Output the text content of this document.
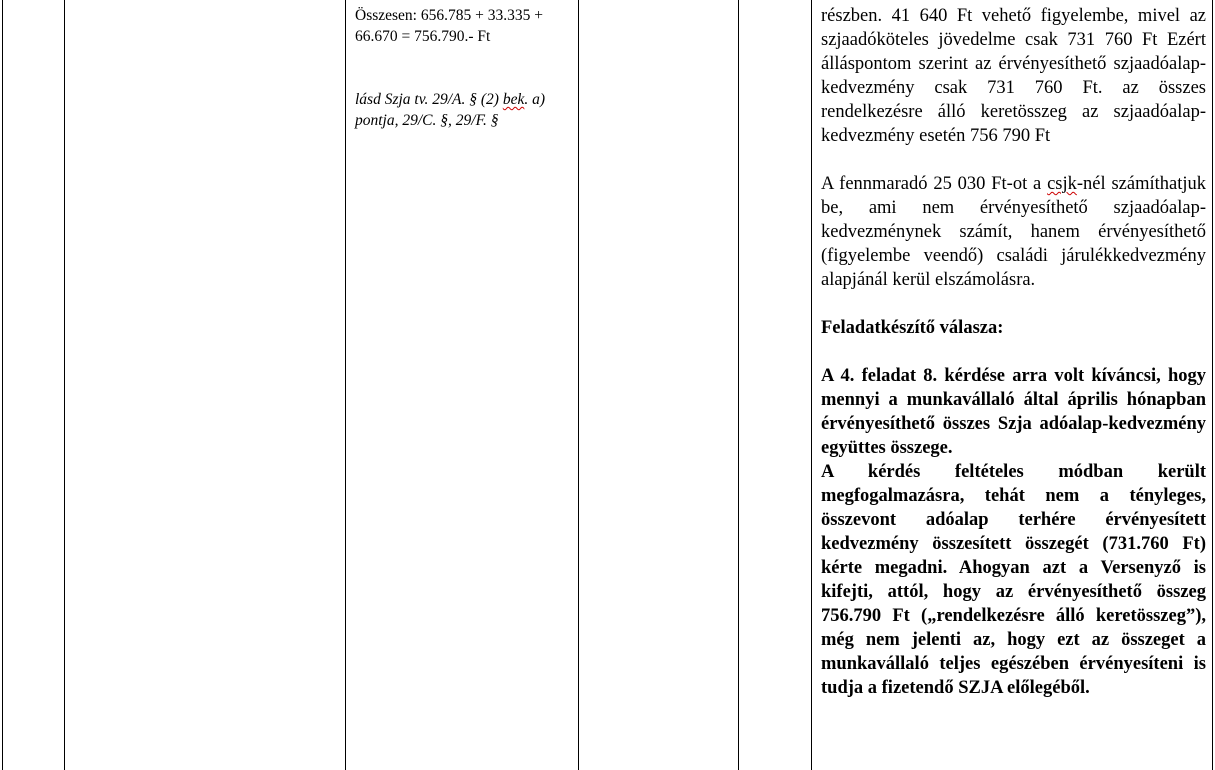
Összesen: 656.785 + 33.335 + 66.670 = 756.790.- Ft

lásd Szja tv. 29/A. § (2) bek. a) pontja, 29/C. §, 29/F. §

részben. 41 640 Ft vehető figyelembe, mivel az szjaadóköteles jövedelme csak 731 760 Ft Ezért álláspontom szerint az érvényesíthető szjaadóalap-kedvezmény csak 731 760 Ft. az összes rendelkezésre álló keretösszeg az szjaadóalap-kedvezmény esetén 756 790 Ft

A fennmaradó 25 030 Ft-ot a csjk-nél számíthatjuk be, ami nem érvényesíthető szjaadóalap-kedvezménynek számít, hanem érvényesíthető (figyelembe veendő) családi járulékkedvezmény alapjánál kerül elszámolásra.

Feladatkészítő válasza:

A 4. feladat 8. kérdése arra volt kíváncsi, hogy mennyi a munkavállaló által április hónapban érvényesíthető összes Szja adóalap-kedvezmény együttes összege.

A kérdés feltételes módban került megfogalmazásra, tehát nem a tényleges, összevont adóalap terhére érvényesített kedvezmény összesített összegét (731.760 Ft) kérte megadni. Ahogyan azt a Versenyző is kifejti, attól, hogy az érvényesíthető összeg 756.790 Ft („rendelkezésre álló keretösszeg”), még nem jelenti az, hogy ezt az összeget a munkavállaló teljes egészében érvényesíteni is tudja a fizetendő SZJA előlegéből.
